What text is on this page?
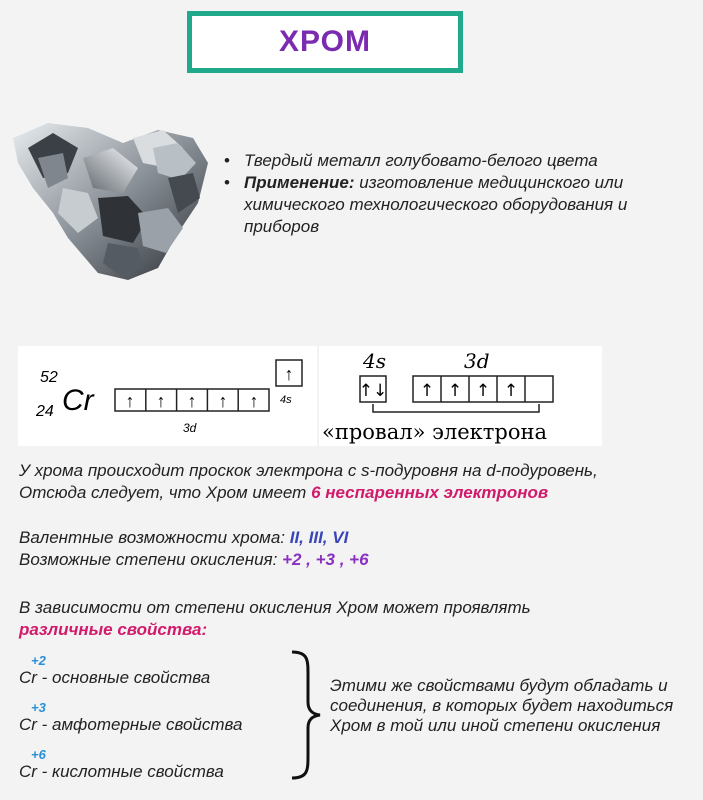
ХРОМ
• Твердый металл голубовато-белого цвета
• Применение: изготовление медицинского или химического технологического оборудования и приборов
52
24 Cr ↑ ↑ ↑ ↑ ↑
↑
4s
3d
4s	3d
↑↓ ↑ ↑ ↑ ↑
«провал» электрона
У хрома происходит проскок электрона с s-подуровня на d-подуровень,
Отсюда следует, что Хром имеет 6 неспаренных электронов
Валентные возможности хрома: II, III, VI
Возможные степени окисления: +2 , +3 , +6
В зависимости от степени окисления Хром может проявлять
различные свойства:
+2
Cr - основные свойства
+3
Cr - амфотерные свойства
+6
Cr - кислотные свойства
Этими же свойствами будут обладать и соединения, в которых будет находиться Хром в той или иной степени окисления
